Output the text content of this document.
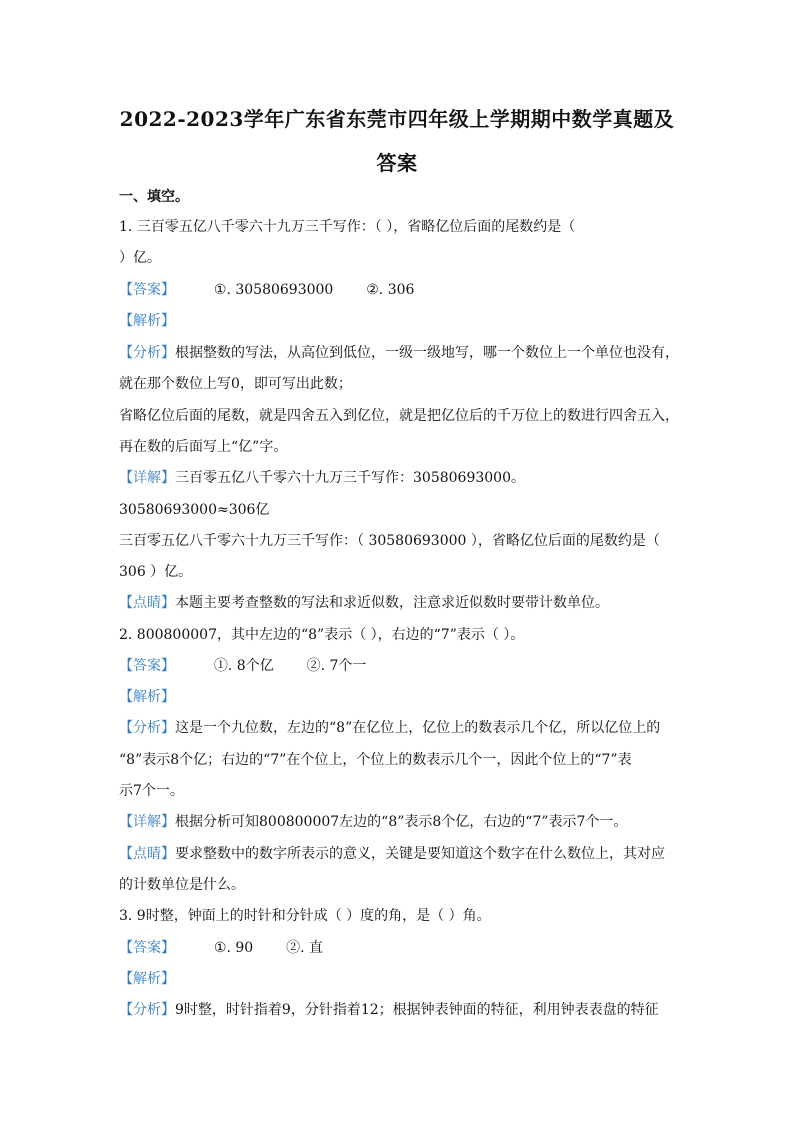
2022-2023学年广东省东莞市四年级上学期期中数学真题及
答案
一、填空。
1. 三百零五亿八千零六十九万三千写作：（ ），省略亿位后面的尾数约是（
）亿。
【答案】	①. 30580693000 ②. 306
【解析】
【分析】根据整数的写法，从高位到低位，一级一级地写，哪一个数位上一个单位也没有，
就在那个数位上写0，即可写出此数；
省略亿位后面的尾数，就是四舍五入到亿位，就是把亿位后的千万位上的数进行四舍五入，
再在数的后面写上“亿”字。
【详解】三百零五亿八千零六十九万三千写作：30580693000。
30580693000≈306亿
三百零五亿八千零六十九万三千写作：（ 30580693000 ），省略亿位后面的尾数约是（
306 ）亿。
【点睛】本题主要考查整数的写法和求近似数，注意求近似数时要带计数单位。
2. 800800007，其中左边的“8”表示（ ），右边的“7”表示（ ）。
【答案】	①. 8个亿 ②. 7个一
【解析】
【分析】这是一个九位数，左边的“8”在亿位上，亿位上的数表示几个亿，所以亿位上的
“8”表示8个亿；右边的“7”在个位上，个位上的数表示几个一，因此个位上的“7”表
示7个一。
【详解】根据分析可知800800007左边的“8”表示8个亿，右边的“7”表示7个一。
【点睛】要求整数中的数字所表示的意义，关键是要知道这个数字在什么数位上，其对应
的计数单位是什么。
3. 9时整，钟面上的时针和分针成（ ）度的角，是（ ）角。
【答案】	①. 90 ②. 直
【解析】
【分析】9时整，时针指着9，分针指着12；根据钟表钟面的特征，利用钟表表盘的特征
